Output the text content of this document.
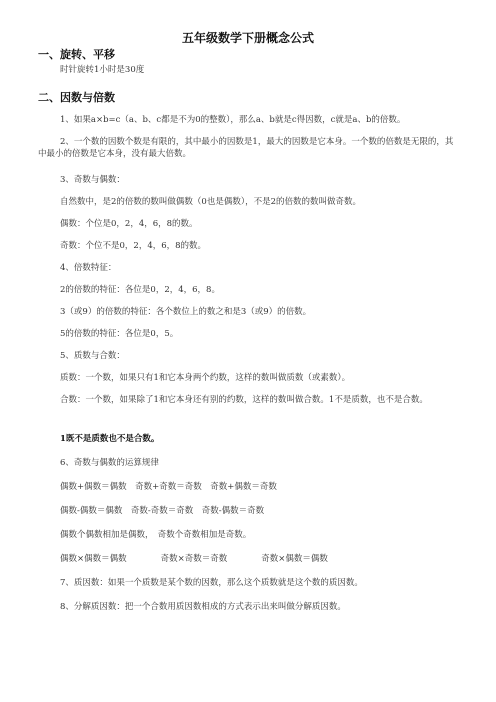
五年级数学下册概念公式
一、旋转、平移
时针旋转1小时是30度
二、因数与倍数
1、如果a×b=c（a、b、c都是不为0的整数），那么a、b就是c得因数，c就是a、b的倍数。
2、一个数的因数个数是有限的，其中最小的因数是1，最大的因数是它本身。一个数的倍数是无限的，其中最小的倍数是它本身，没有最大倍数。
3、奇数与偶数：
自然数中，是2的倍数的数叫做偶数（0也是偶数），不是2的倍数的数叫做奇数。
偶数：个位是0，2，4，6，8的数。
奇数：个位不是0，2，4，6，8的数。
4、倍数特征：
2的倍数的特征：各位是0，2，4，6，8。
3（或9）的倍数的特征：各个数位上的数之和是3（或9）的倍数。
5的倍数的特征：各位是0，5。
5、质数与合数：
质数：一个数，如果只有1和它本身两个约数，这样的数叫做质数（或素数）。
合数：一个数，如果除了1和它本身还有别的约数，这样的数叫做合数。1不是质数，也不是合数。
1既不是质数也不是合数。
6、奇数与偶数的运算规律
偶数+偶数＝偶数　奇数+奇数＝奇数　奇数+偶数＝奇数
偶数-偶数＝偶数　奇数-奇数＝奇数　奇数-偶数＝奇数
偶数个偶数相加是偶数，　奇数个奇数相加是奇数。
偶数×偶数＝偶数　　　　奇数×奇数＝奇数　　　　奇数×偶数＝偶数
7、质因数：如果一个质数是某个数的因数，那么这个质数就是这个数的质因数。
8、分解质因数：把一个合数用质因数相成的方式表示出来叫做分解质因数。
